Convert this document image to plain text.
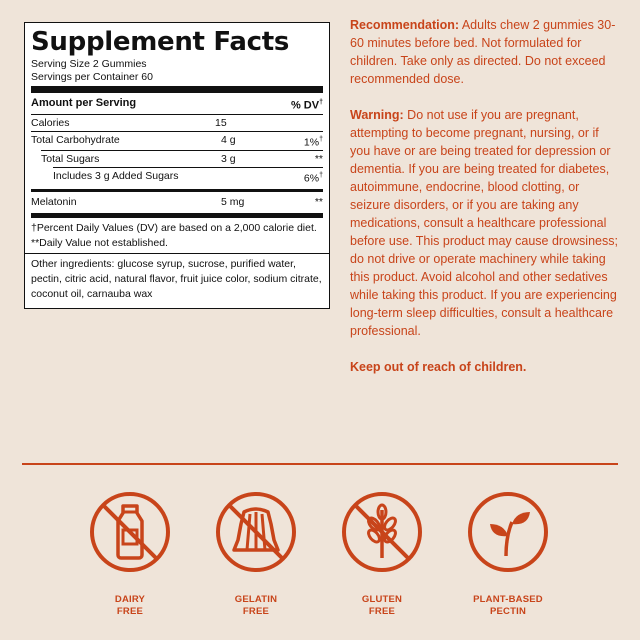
Supplement Facts
Serving Size 2 Gummies
Servings per Container 60
Amount per Serving	% DV†
Calories	15
Total Carbohydrate	4 g	1%†
Total Sugars	3 g	**
Includes 3 g Added Sugars	6%†
Melatonin	5 mg	**
†Percent Daily Values (DV) are based on a 2,000 calorie diet.
**Daily Value not established.
Other ingredients: glucose syrup, sucrose, purified water, pectin, citric acid, natural flavor, fruit juice color, sodium citrate, coconut oil, carnauba wax

Recommendation: Adults chew 2 gummies 30-60 minutes before bed. Not formulated for children. Take only as directed. Do not exceed recommended dose.

Warning: Do not use if you are pregnant, attempting to become pregnant, nursing, or if you have or are being treated for depression or dementia. If you are being treated for diabetes, autoimmune, endocrine, blood clotting, or seizure disorders, or if you are taking any medications, consult a healthcare professional before use. This product may cause drowsiness; do not drive or operate machinery while taking this product. Avoid alcohol and other sedatives while taking this product. If you are experiencing long-term sleep difficulties, consult a healthcare professional.

Keep out of reach of children.

DAIRY
FREE
GELATIN
FREE
GLUTEN
FREE
PLANT-BASED
PECTIN
